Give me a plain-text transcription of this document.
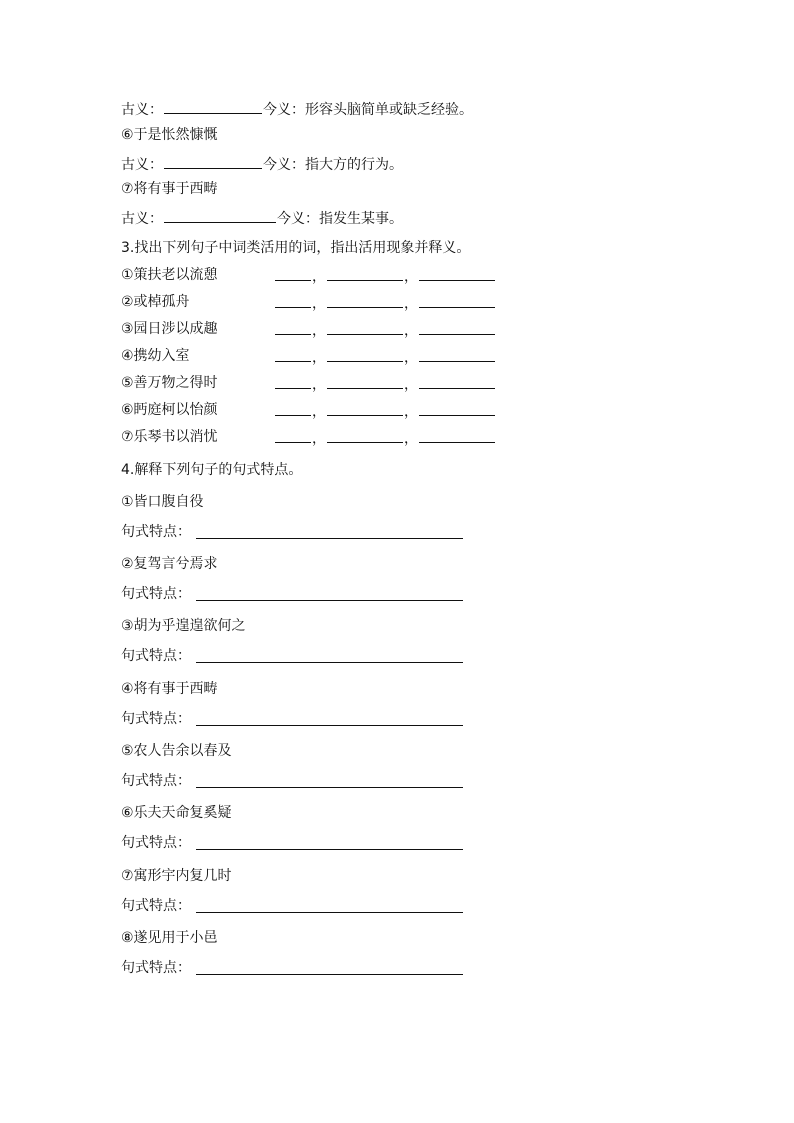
古义：	今义：形容头脑简单或缺乏经验。
⑥于是怅然慷慨
古义：	今义：指大方的行为。
⑦将有事于西畴
古义：	今义：指发生某事。
3.找出下列句子中词类活用的词，指出活用现象并释义。
①策扶老以流憩	，	，
②或棹孤舟	，	，
③园日涉以成趣	，	，
④携幼入室	，	，
⑤善万物之得时	，	，
⑥眄庭柯以怡颜	，	，
⑦乐琴书以消忧	，	，
4.解释下列句子的句式特点。
①皆口腹自役
句式特点：
②复驾言兮焉求
句式特点：
③胡为乎遑遑欲何之
句式特点：
④将有事于西畴
句式特点：
⑤农人告余以春及
句式特点：
⑥乐夫天命复奚疑
句式特点：
⑦寓形宇内复几时
句式特点：
⑧遂见用于小邑
句式特点：
